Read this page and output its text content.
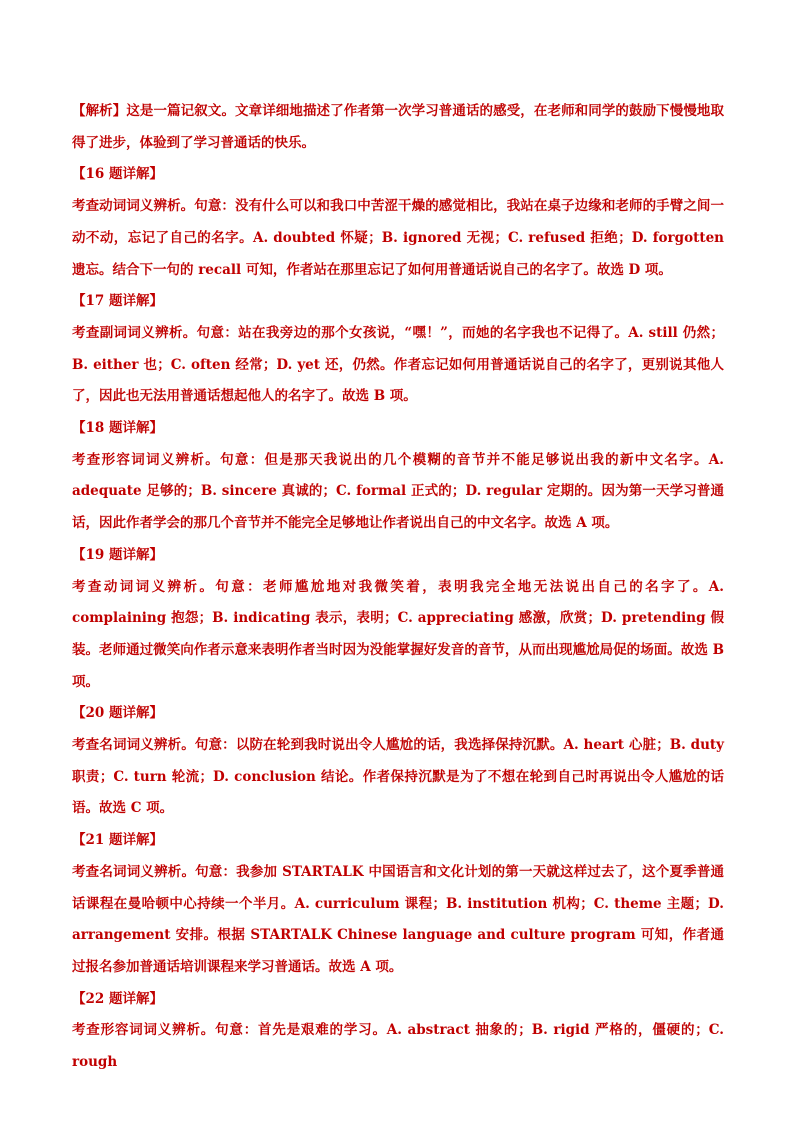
【解析】这是一篇记叙文。文章详细地描述了作者第一次学习普通话的感受，在老师和同学的鼓励下慢慢地取得了进步，体验到了学习普通话的快乐。

【16 题详解】

考查动词词义辨析。句意：没有什么可以和我口中苦涩干燥的感觉相比，我站在桌子边缘和老师的手臂之间一动不动，忘记了自己的名字。A. doubted 怀疑；B. ignored 无视；C. refused 拒绝；D. forgotten 遗忘。结合下一句的 recall 可知，作者站在那里忘记了如何用普通话说自己的名字了。故选 D 项。

【17 题详解】

考查副词词义辨析。句意：站在我旁边的那个女孩说，“嘿！”，而她的名字我也不记得了。A. still 仍然；B. either 也；C. often 经常；D. yet 还，仍然。作者忘记如何用普通话说自己的名字了，更别说其他人了，因此也无法用普通话想起他人的名字了。故选 B 项。

【18 题详解】

考查形容词词义辨析。句意：但是那天我说出的几个模糊的音节并不能足够说出我的新中文名字。A. adequate 足够的；B. sincere 真诚的；C. formal 正式的；D. regular 定期的。因为第一天学习普通话，因此作者学会的那几个音节并不能完全足够地让作者说出自己的中文名字。故选 A 项。

【19 题详解】

考查动词词义辨析。句意：老师尴尬地对我微笑着，表明我完全地无法说出自己的名字了。A. complaining 抱怨；B. indicating 表示，表明；C. appreciating 感激，欣赏；D. pretending 假装。老师通过微笑向作者示意来表明作者当时因为没能掌握好发音的音节，从而出现尴尬局促的场面。故选 B 项。

【20 题详解】

考查名词词义辨析。句意：以防在轮到我时说出令人尴尬的话，我选择保持沉默。A. heart 心脏；B. duty 职责；C. turn 轮流；D. conclusion 结论。作者保持沉默是为了不想在轮到自己时再说出令人尴尬的话语。故选 C 项。

【21 题详解】

考查名词词义辨析。句意：我参加 STARTALK 中国语言和文化计划的第一天就这样过去了，这个夏季普通话课程在曼哈顿中心持续一个半月。A. curriculum 课程；B. institution 机构；C. theme 主题；D. arrangement 安排。根据 STARTALK Chinese language and culture program 可知，作者通过报名参加普通话培训课程来学习普通话。故选 A 项。

【22 题详解】

考查形容词词义辨析。句意：首先是艰难的学习。A. abstract 抽象的；B. rigid 严格的，僵硬的；C. rough
